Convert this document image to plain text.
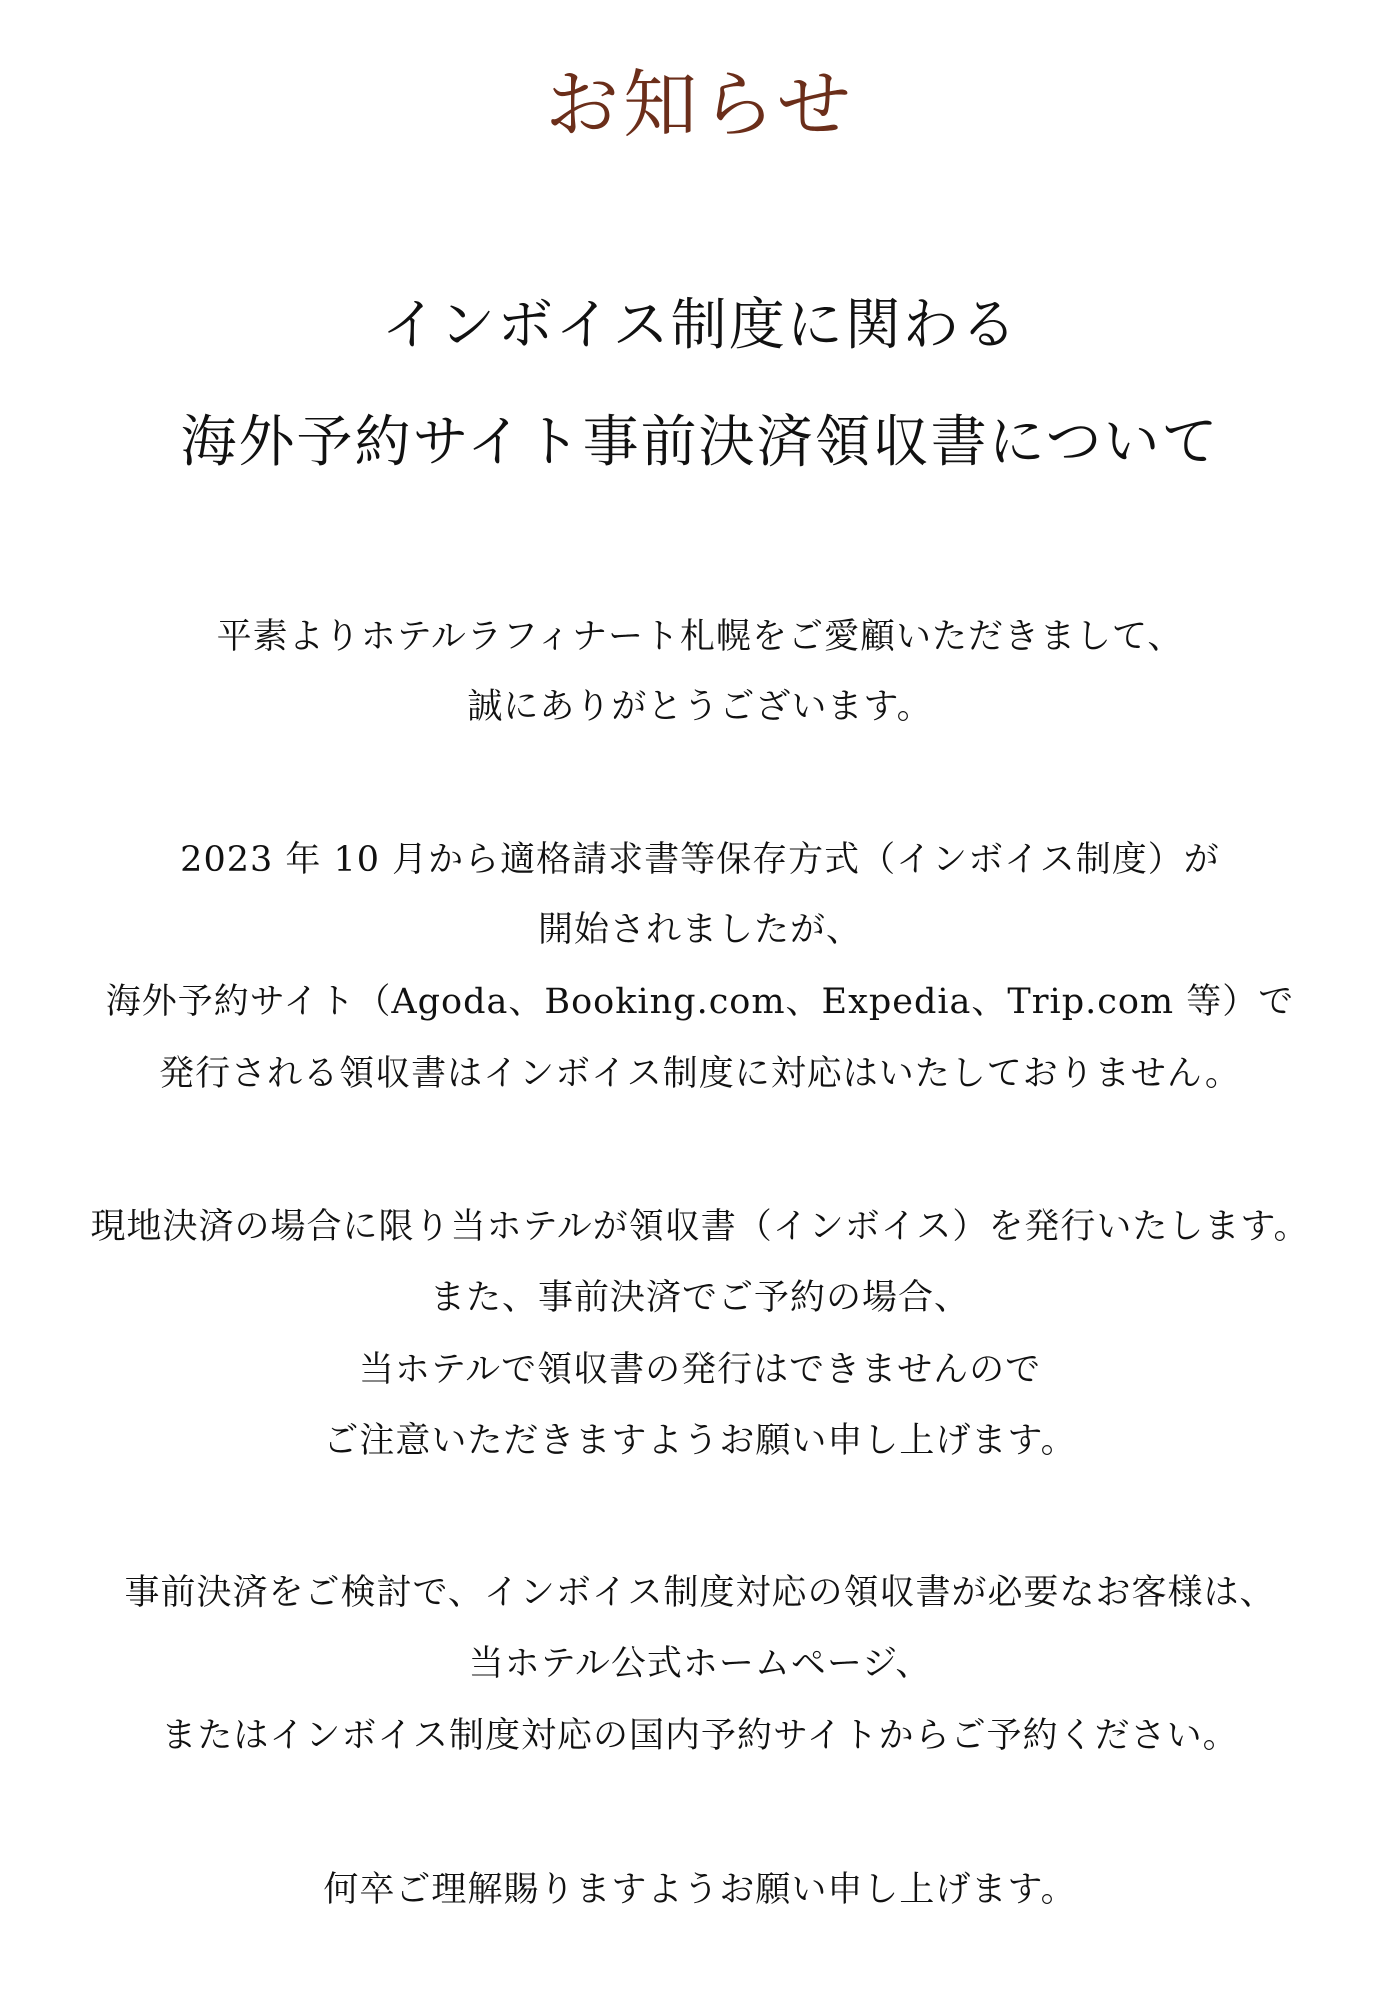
お知らせ
インボイス制度に関わる
海外予約サイト事前決済領収書について
平素よりホテルラフィナート札幌をご愛顧いただきまして、
誠にありがとうございます。
2023 年 10 月から適格請求書等保存方式（インボイス制度）が
開始されましたが、
海外予約サイト（Agoda、Booking.com、Expedia、Trip.com 等）で
発行される領収書はインボイス制度に対応はいたしておりません。
現地決済の場合に限り当ホテルが領収書（インボイス）を発行いたします。
また、事前決済でご予約の場合、
当ホテルで領収書の発行はできませんので
ご注意いただきますようお願い申し上げます。
事前決済をご検討で、インボイス制度対応の領収書が必要なお客様は、
当ホテル公式ホームページ、
またはインボイス制度対応の国内予約サイトからご予約ください。
何卒ご理解賜りますようお願い申し上げます。
